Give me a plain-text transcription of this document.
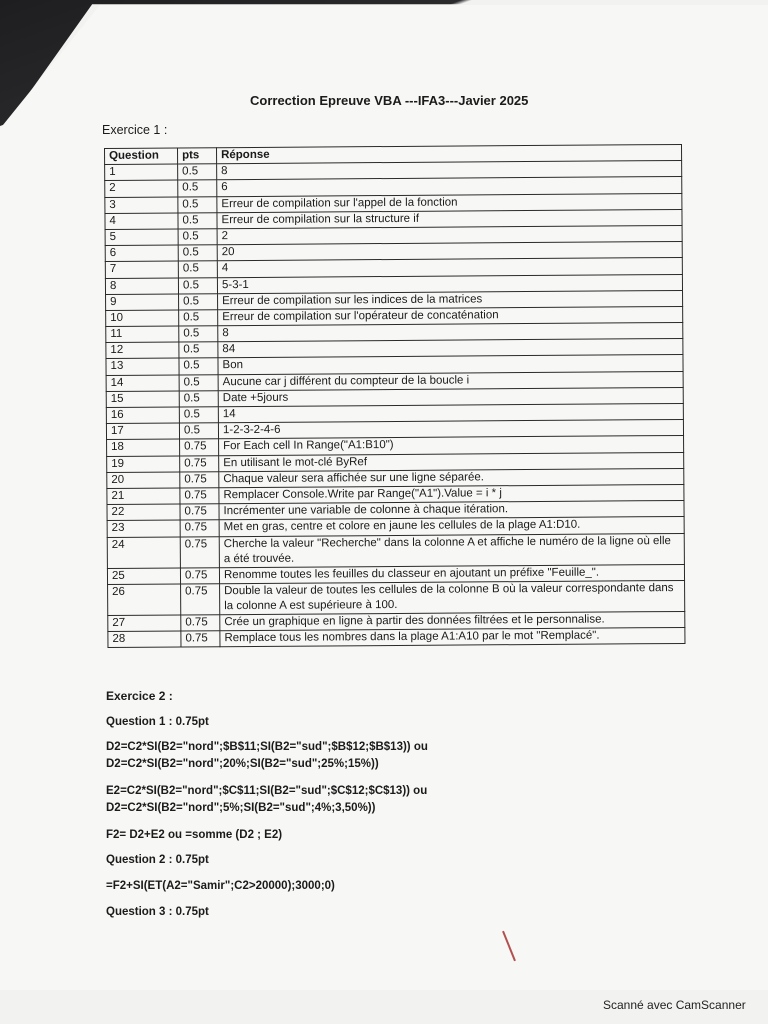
Correction Epreuve VBA ---IFA3---Javier 2025
Exercice 1 :
Question	pts	Réponse
1	0.5	8
2	0.5	6
3	0.5	Erreur de compilation sur l'appel de la fonction
4	0.5	Erreur de compilation sur la structure if
5	0.5	2
6	0.5	20
7	0.5	4
8	0.5	5-3-1
9	0.5	Erreur de compilation sur les indices de la matrices
10	0.5	Erreur de compilation sur l'opérateur de concaténation
11	0.5	8
12	0.5	84
13	0.5	Bon
14	0.5	Aucune car j différent du compteur de la boucle i
15	0.5	Date +5jours
16	0.5	14
17	0.5	1-2-3-2-4-6
18	0.75	For Each cell In Range("A1:B10")
19	0.75	En utilisant le mot-clé ByRef
20	0.75	Chaque valeur sera affichée sur une ligne séparée.
21	0.75	Remplacer Console.Write par Range("A1").Value = i * j
22	0.75	Incrémenter une variable de colonne à chaque itération.
23	0.75	Met en gras, centre et colore en jaune les cellules de la plage A1:D10.
24	0.75	Cherche la valeur "Recherche" dans la colonne A et affiche le numéro de la ligne où elle a été trouvée.
25	0.75	Renomme toutes les feuilles du classeur en ajoutant un préfixe "Feuille_".
26	0.75	Double la valeur de toutes les cellules de la colonne B où la valeur correspondante dans la colonne A est supérieure à 100.
27	0.75	Crée un graphique en ligne à partir des données filtrées et le personnalise.
28	0.75	Remplace tous les nombres dans la plage A1:A10 par le mot "Remplacé".
Exercice 2 :
Question 1 : 0.75pt
D2=C2*SI(B2="nord";$B$11;SI(B2="sud";$B$12;$B$13)) ou
D2=C2*SI(B2="nord";20%;SI(B2="sud";25%;15%))
E2=C2*SI(B2="nord";$C$11;SI(B2="sud";$C$12;$C$13)) ou
D2=C2*SI(B2="nord";5%;SI(B2="sud";4%;3,50%))
F2= D2+E2 ou =somme (D2 ; E2)
Question 2 : 0.75pt
=F2+SI(ET(A2="Samir";C2>20000);3000;0)
Question 3 : 0.75pt
Scanné avec CamScanner
